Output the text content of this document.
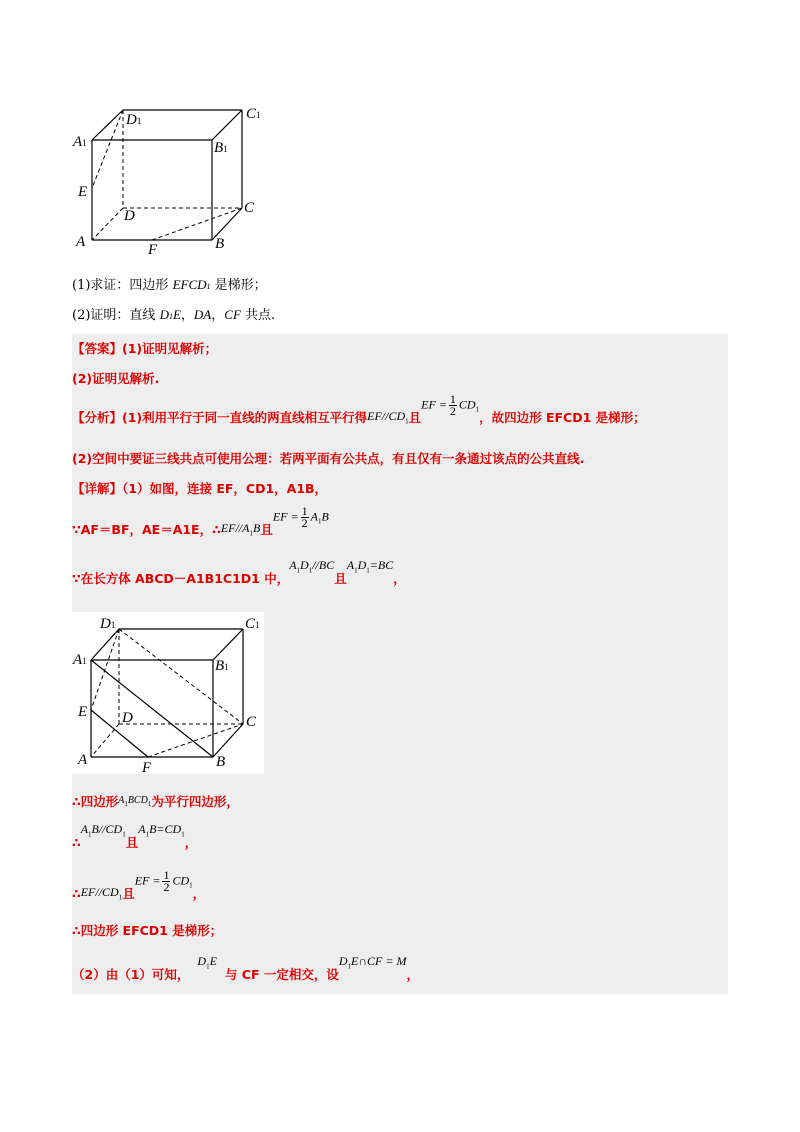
D1	C1
A1	B1
E
D	C
A	F	B
(1)求证：四边形 EFCD1 是梯形；
(2)证明：直线 D1E，DA，CF 共点.
【答案】(1)证明见解析；
(2)证明见解析.
【分析】(1)利用平行于同一直线的两直线相互平行得$EF//CD_1$且EF = $\frac{1}{2} CD_1$，故四边形 EFCD1 是梯形；
(2)空间中要证三线共点可使用公理：若两平面有公共点，有且仅有一条通过该点的公共直线.
【详解】（1）如图，连接 EF，CD1，A1B，
∵AF＝BF，AE＝A1E，$\therefore EF//A_1B$且EF = $\frac{1}{2} A_1B$
∵在长方体 ABCD－A1B1C1D1 中，$A_1D_1//BC$且$A_1D_1=BC$，
D1	C1
A1	B1
E D	C
A	F	B
∴四边形$A_1BCD_1$为平行四边形，
$\therefore A_1B//CD_1$且$A_1B=CD_1$，
$\therefore EF//CD_1$且EF = $\frac{1}{2} CD_1$，
∴四边形 EFCD1 是梯形；
（2）由（1）可知，$D_1E$与 CF 一定相交，设$D_1E\cap CF = M$，
